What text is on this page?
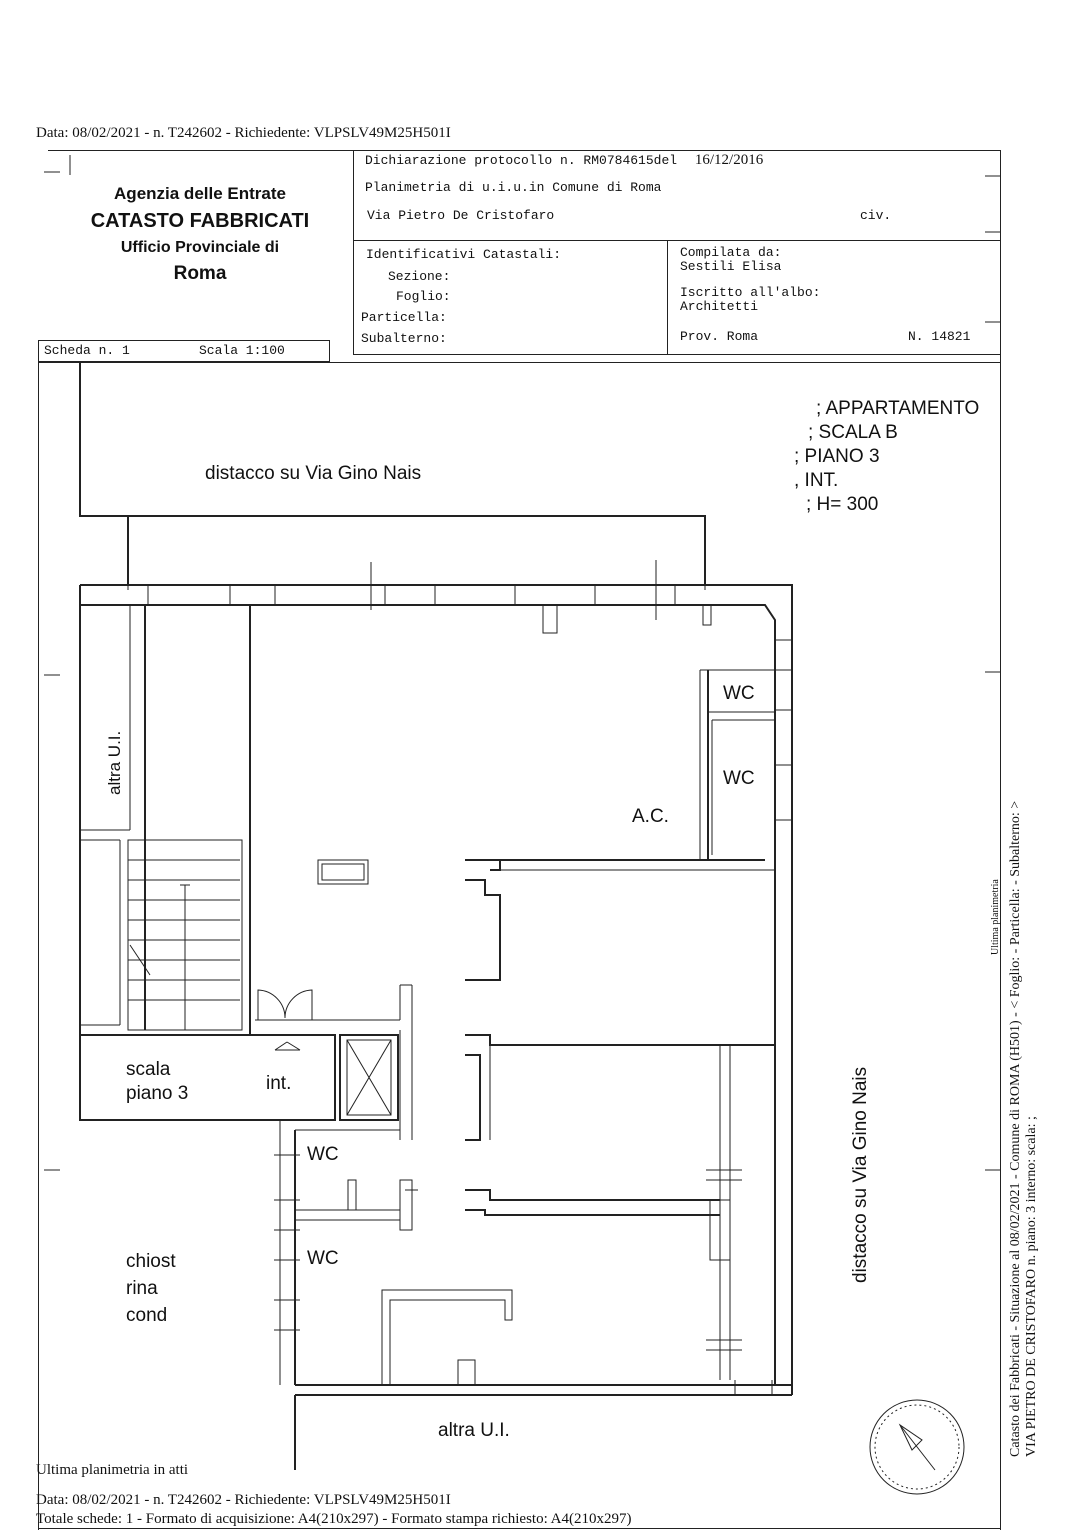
Data: 08/02/2021 - n. T242602 - Richiedente: VLPSLV49M25H501I
Agenzia delle Entrate
CATASTO FABBRICATI
Ufficio Provinciale di
Roma
Dichiarazione protocollo n. RM0784615del 16/12/2016
Planimetria di u.i.u.in Comune di Roma
Via Pietro De Cristofaro	civ.
Identificativi Catastali:
Sezione:
Foglio:
Particella:
Subalterno:
Compilata da:
Sestili Elisa
Iscritto all'albo:
Architetti
Prov. Roma	N. 14821
Scheda n. 1	Scala 1:100
; APPARTAMENTO
; SCALA B
; PIANO 3
, INT.
; H= 300
distacco su Via Gino Nais
altra U.I.
WC
WC
A.C.
scala
piano 3	int.
WC
WC
chiost
rina
cond
altra U.I.
distacco su Via Gino Nais	Catasto dei Fabbricati - Situazione al 08/02/2021 - Comune di ROMA (H501) - < Foglio: - Particella: - Subalterno: > VIA PIETRO DE CRISTOFARO n. piano: 3 interno: scala: ;
Ultima planimetria
Ultima planimetria in atti
Data: 08/02/2021 - n. T242602 - Richiedente: VLPSLV49M25H501I
Totale schede: 1 - Formato di acquisizione: A4(210x297) - Formato stampa richiesto: A4(210x297)
